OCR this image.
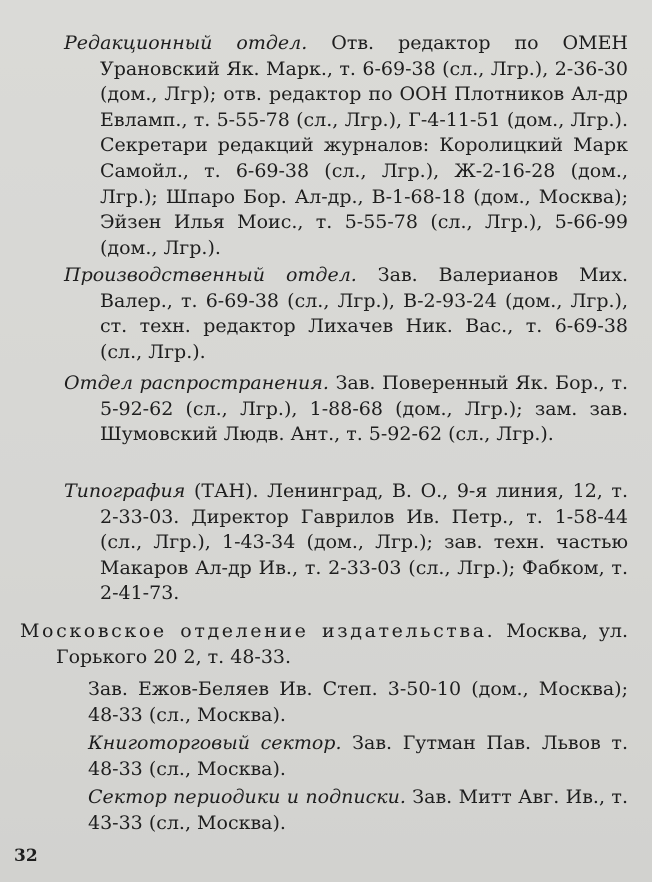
Редакционный отдел. Отв. редактор по ОМЕН Урановский Як. Марк., т. 6-69-38 (сл., Лгр.), 2-36-30 (дом., Лгр); отв. редактор по ООН Плотников Ал-др Евламп., т. 5-55-78 (сл., Лгр.), Г-4-11-51 (дом., Лгр.). Секретари редакций журналов: Королицкий Марк Самойл., т. 6-69-38 (сл., Лгр.), Ж-2-16-28 (дом., Лгр.); Шпаро Бор. Ал-др., В-1-68-18 (дом., Москва); Эйзен Илья Моис., т. 5-55-78 (сл., Лгр.), 5-66-99 (дом., Лгр.).
Производственный отдел. Зав. Валерианов Мих. Валер., т. 6-69-38 (сл., Лгр.), В-2-93-24 (дом., Лгр.), ст. техн. редактор Лихачев Ник. Вас., т. 6-69-38 (сл., Лгр.).
Отдел распространения. Зав. Поверенный Як. Бор., т. 5-92-62 (сл., Лгр.), 1-88-68 (дом., Лгр.); зам. зав. Шумовский Людв. Ант., т. 5-92-62 (сл., Лгр.).
Типография (ТАН). Ленинград, В. О., 9-я линия, 12, т. 2-33-03. Директор Гаврилов Ив. Петр., т. 1-58-44 (сл., Лгр.), 1-43-34 (дом., Лгр.); зав. техн. частью Макаров Ал-др Ив., т. 2-33-03 (сл., Лгр.); Фабком, т. 2-41-73.
Московское отделение издательства. Москва, ул. Горького 20 2, т. 48-33.
Зав. Ежов-Беляев Ив. Степ. 3-50-10 (дом., Москва); 48-33 (сл., Москва).
Книготорговый сектор. Зав. Гутман Пав. Львов т. 48-33 (сл., Москва).
Сектор периодики и подписки. Зав. Митт Авг. Ив., т. 43-33 (сл., Москва).
32
